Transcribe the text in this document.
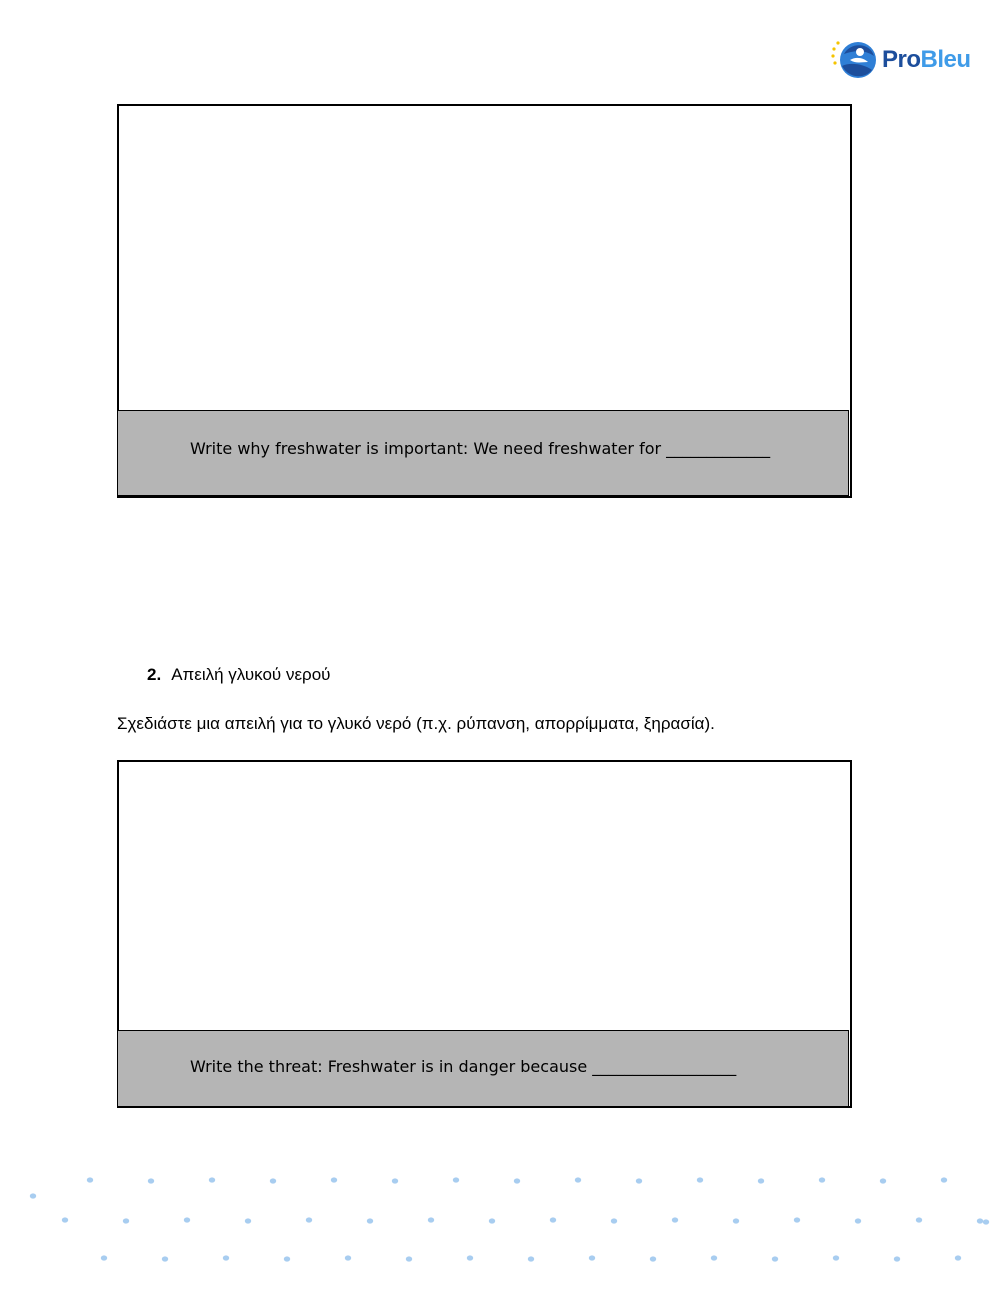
ProBleu
Write why freshwater is important: We need freshwater for _____________
2. Απειλή γλυκού νερού
Σχεδιάστε μια απειλή για το γλυκό νερό (π.χ. ρύπανση, απορρίμματα, ξηρασία).
Write the threat: Freshwater is in danger because __________________
